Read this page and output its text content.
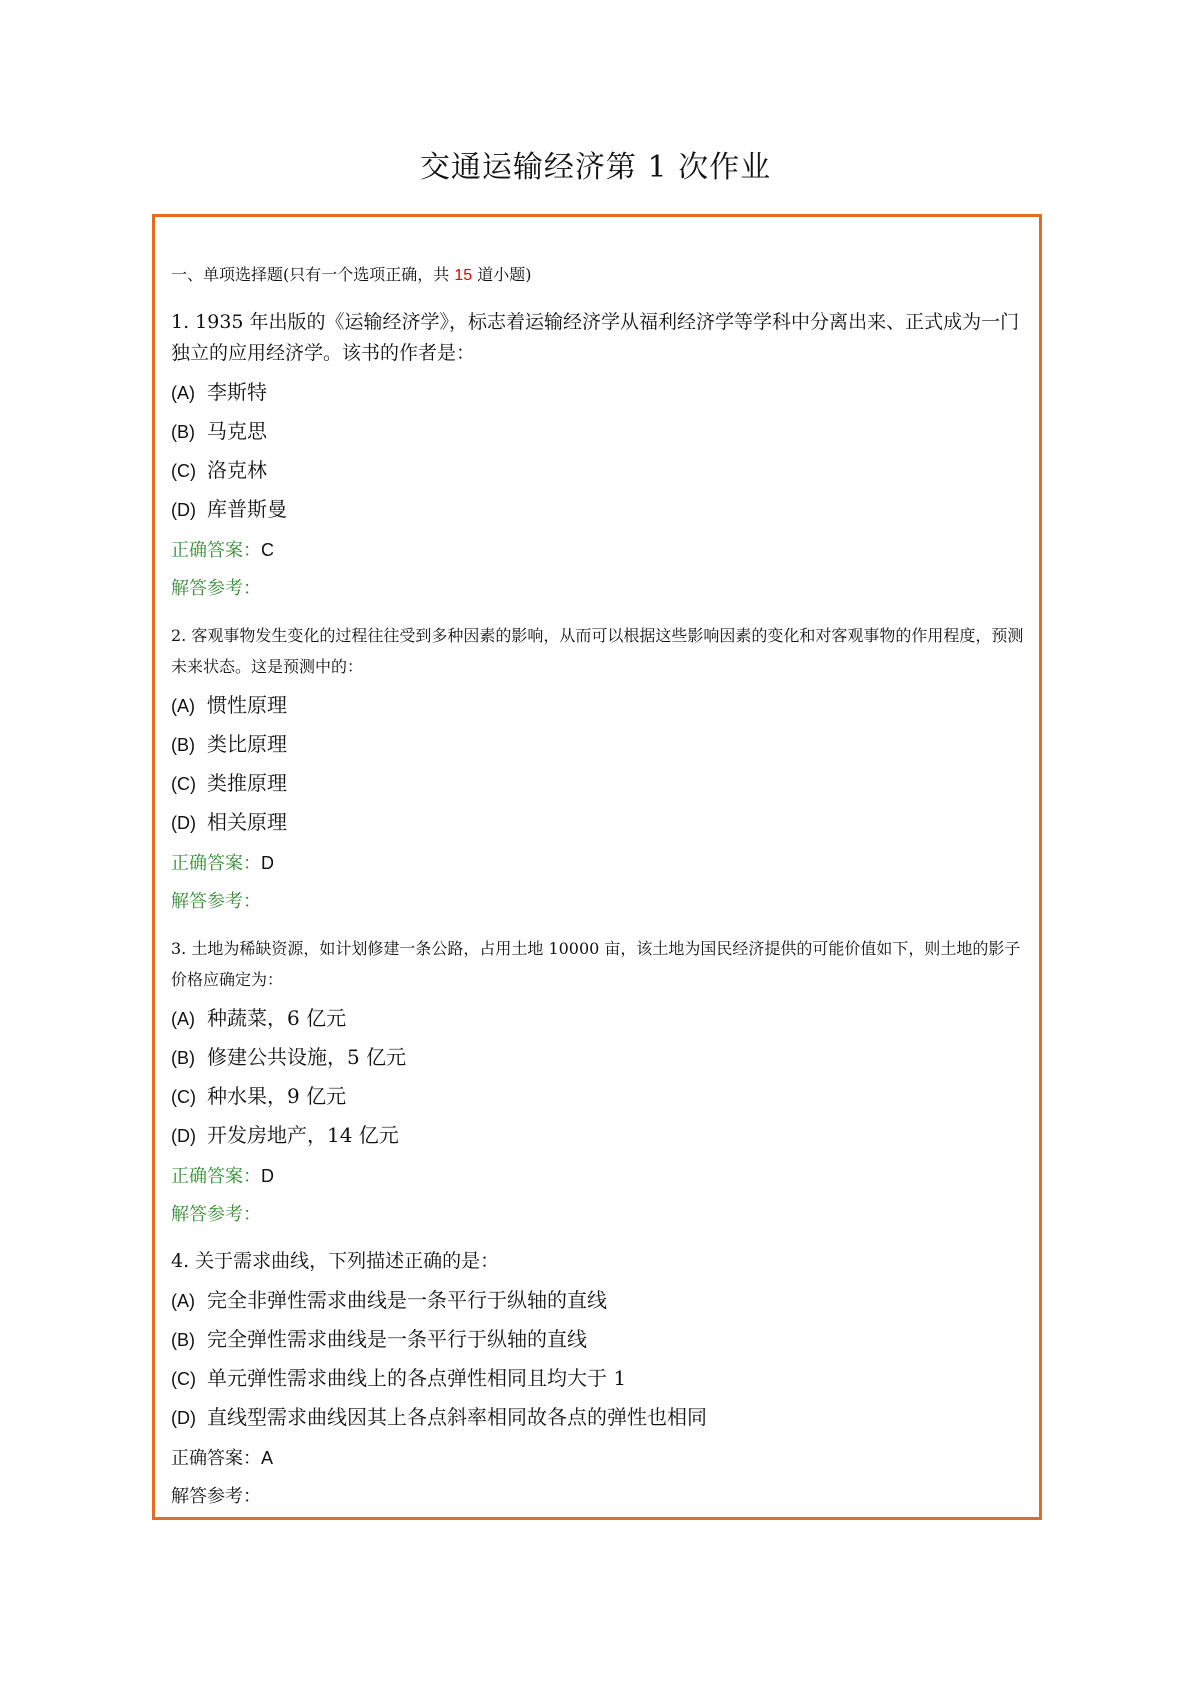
交通运输经济第 1 次作业
一、单项选择题(只有一个选项正确，共 15 道小题)
1. 1935 年出版的《运输经济学》，标志着运输经济学从福利经济学等学科中分离出来、正式成为一门独立的应用经济学。该书的作者是：
(A) 李斯特
(B) 马克思
(C) 洛克林
(D) 库普斯曼
正确答案：C
解答参考：
2. 客观事物发生变化的过程往往受到多种因素的影响，从而可以根据这些影响因素的变化和对客观事物的作用程度，预测未来状态。这是预测中的：
(A) 惯性原理
(B) 类比原理
(C) 类推原理
(D) 相关原理
正确答案：D
解答参考：
3. 土地为稀缺资源，如计划修建一条公路，占用土地 10000 亩，该土地为国民经济提供的可能价值如下，则土地的影子价格应确定为：
(A) 种蔬菜，6 亿元
(B) 修建公共设施，5 亿元
(C) 种水果，9 亿元
(D) 开发房地产，14 亿元
正确答案：D
解答参考：
4. 关于需求曲线，下列描述正确的是：
(A) 完全非弹性需求曲线是一条平行于纵轴的直线
(B) 完全弹性需求曲线是一条平行于纵轴的直线
(C) 单元弹性需求曲线上的各点弹性相同且均大于 1
(D) 直线型需求曲线因其上各点斜率相同故各点的弹性也相同
正确答案：A
解答参考：
